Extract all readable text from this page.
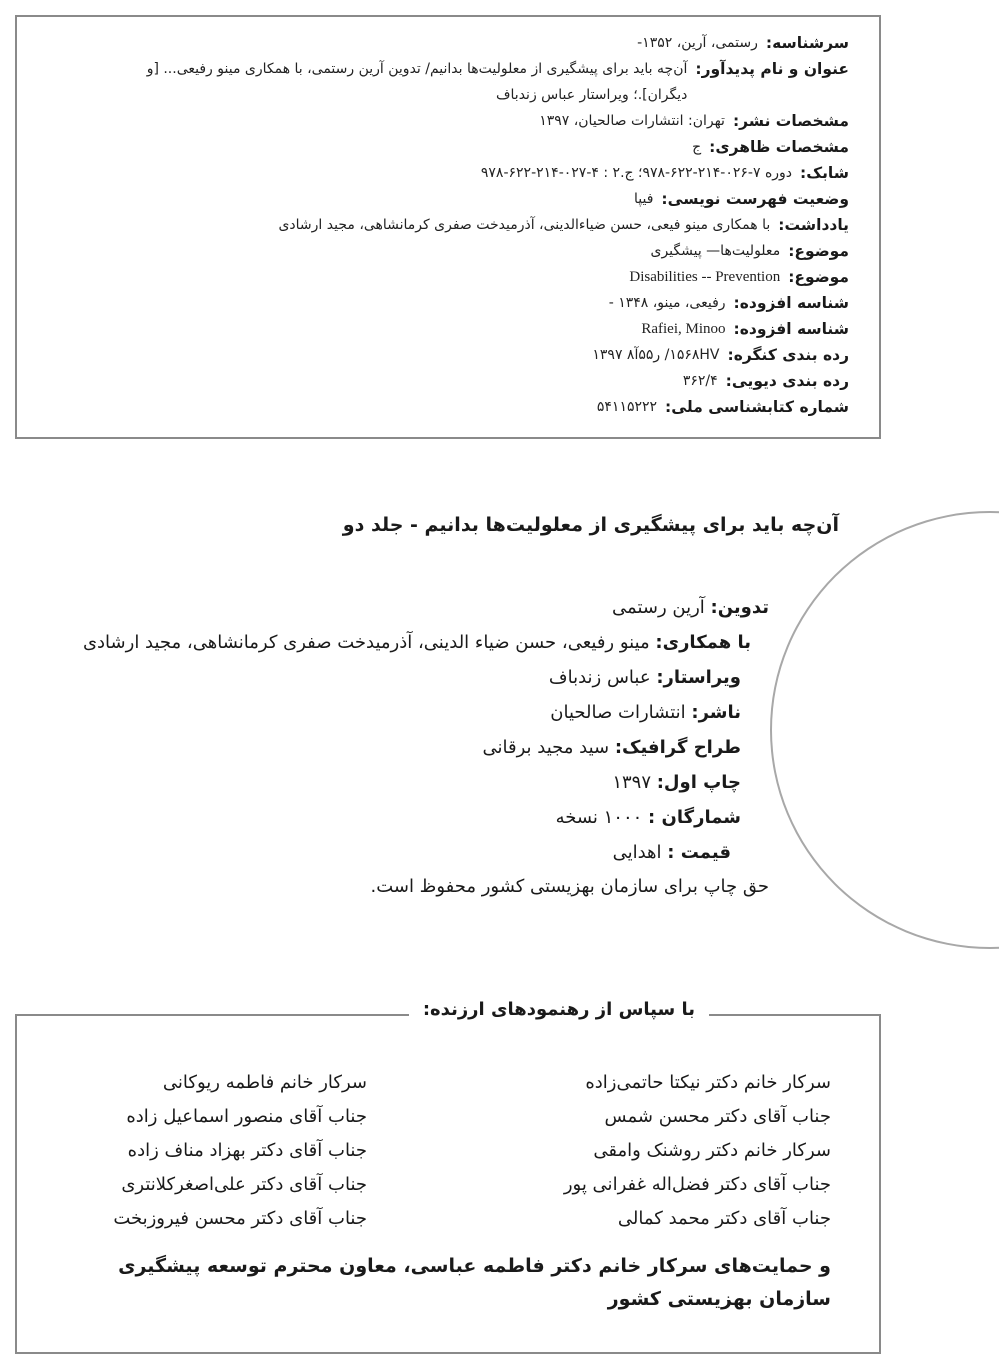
سرشناسه:
رستمی، آرین، ۱۳۵۲-
عنوان و نام پدیدآور:
آن‌چه باید برای پیشگیری از معلولیت‌ها بدانیم/ تدوین آرین رستمی، با همکاری مینو رفیعی... [و دیگران].؛ ویراستار عباس زندباف
مشخصات نشر:
تهران: انتشارات صالحیان، ۱۳۹۷
مشخصات ظاهری:
ج
شابک:
دوره ۷-۰۲۶-۲۱۴-۶۲۲-۹۷۸؛ ج.۲ : ۴-۰۲۷-۲۱۴-۶۲۲-۹۷۸
وضعیت فهرست نویسی:
فیپا
یادداشت:
با همکاری مینو فیعی، حسن ضیاءالدینی، آذرمیدخت صفری کرمانشاهی، مجید ارشادی
موضوع:
معلولیت‌ها— پیشگیری
موضوع:
Disabilities -- Prevention
شناسه افزوده:
رفیعی، مینو، ۱۳۴۸ -
شناسه افزوده:
Rafiei, Minoo
رده بندی کنگره:
۱۵۶۸HV/ ر۵۵آ۸ ۱۳۹۷
رده بندی دیویی:
۳۶۲/۴
شماره کتابشناسی ملی:
۵۴۱۱۵۲۲۲
آن‌چه باید برای پیشگیری از معلولیت‌ها بدانیم - جلد دو
تدوین: آرین رستمی
با همکاری: مینو رفیعی، حسن ضیاء الدینی، آذرمیدخت صفری کرمانشاهی، مجید ارشادی
ویراستار: عباس زندباف
ناشر: انتشارات صالحیان
طراح گرافیک: سید مجید برقانی
چاپ اول: ۱۳۹۷
شمارگان : ۱۰۰۰ نسخه
قیمت : اهدایی
حق چاپ برای سازمان بهزیستی کشور محفوظ است.
با سپاس از رهنمودهای ارزنده:
سرکار خانم دکتر نیکتا حاتمی‌زاده
جناب آقای دکتر محسن شمس
سرکار خانم دکتر روشنک وامقی
جناب آقای دکتر فضل‌اله غفرانی پور
جناب آقای دکتر محمد کمالی
سرکار خانم فاطمه ریوکانی
جناب آقای منصور اسماعیل زاده
جناب آقای دکتر بهزاد مناف زاده
جناب آقای دکتر علی‌اصغرکلانتری
جناب آقای دکتر محسن فیروزبخت
و حمایت‌های سرکار خانم دکتر فاطمه عباسی، معاون محترم توسعه پیشگیری سازمان بهزیستی کشور
